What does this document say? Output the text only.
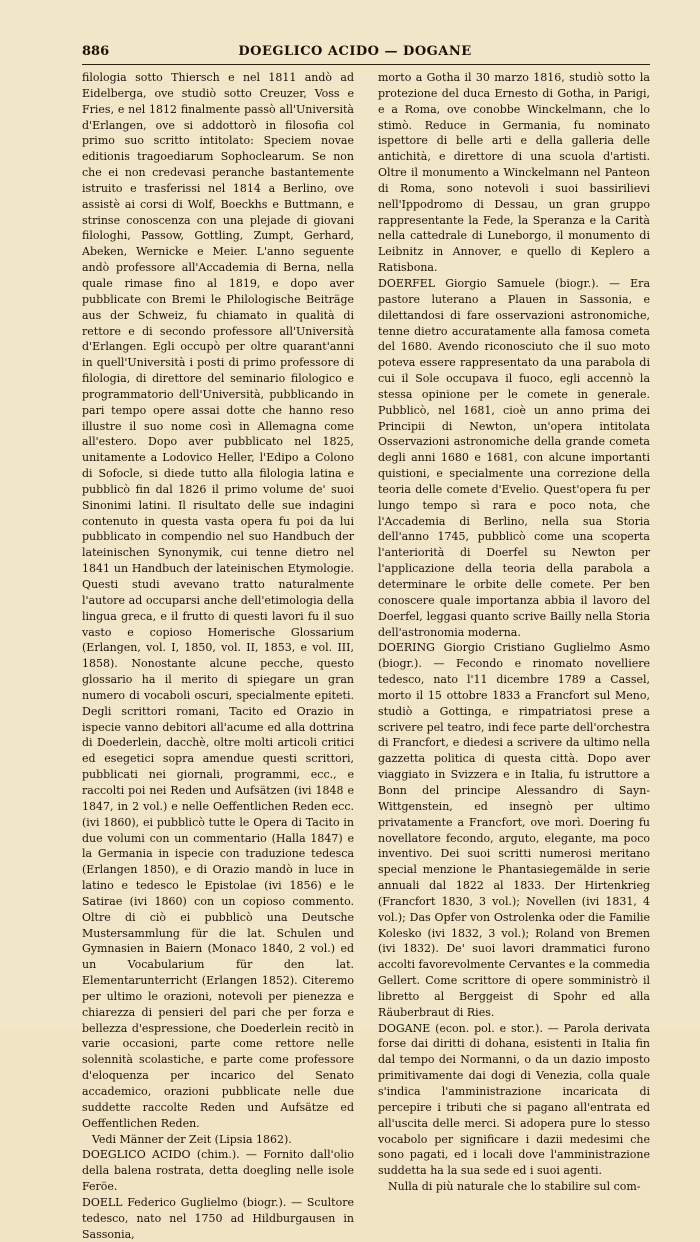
886	DOEGLICO ACIDO — DOGANE

filologia sotto Thiersch e nel 1811 andò ad Eidelberga, ove studiò sotto Creuzer, Voss e Fries, e nel 1812 finalmente passò all'Università d'Erlangen, ove si addottorò in filosofia col primo suo scritto intitolato: Speciem novae editionis tragoediarum Sophoclearum. Se non che ei non credevasi peranche bastantemente istruito e trasferissi nel 1814 a Berlino, ove assistè ai corsi di Wolf, Boeckhs e Buttmann, e strinse conoscenza con una plejade di giovani filologhi, Passow, Gottling, Zumpt, Gerhard, Abeken, Wernicke e Meier. L'anno seguente andò professore all'Accademia di Berna, nella quale rimase fino al 1819, e dopo aver pubblicate con Bremi le Philologische Beiträge aus der Schweiz, fu chiamato in qualità di rettore e di secondo professore all'Università d'Erlangen. Egli occupò per oltre quarant'anni in quell'Università i posti di primo professore di filologia, di direttore del seminario filologico e programmatorio dell'Università, pubblicando in pari tempo opere assai dotte che hanno reso illustre il suo nome così in Allemagna come all'estero. Dopo aver pubblicato nel 1825, unitamente a Lodovico Heller, l'Edipo a Colono di Sofocle, si diede tutto alla filologia latina e pubblicò fin dal 1826 il primo volume de' suoi Sinonimi latini. Il risultato delle sue indagini contenuto in questa vasta opera fu poi da lui pubblicato in compendio nel suo Handbuch der lateinischen Synonymik, cui tenne dietro nel 1841 un Handbuch der lateinischen Etymologie. Questi studi avevano tratto naturalmente l'autore ad occuparsi anche dell'etimologia della lingua greca, e il frutto di questi lavori fu il suo vasto e copioso Homerische Glossarium (Erlangen, vol. I, 1850, vol. II, 1853, e vol. III, 1858). Nonostante alcune pecche, questo glossario ha il merito di spiegare un gran numero di vocaboli oscuri, specialmente epiteti. Degli scrittori romani, Tacito ed Orazio in ispecie vanno debitori all'acume ed alla dottrina di Doederlein, dacchè, oltre molti articoli critici ed esegetici sopra amendue questi scrittori, pubblicati nei giornali, programmi, ecc., e raccolti poi nei Reden und Aufsätzen (ivi 1848 e 1847, in 2 vol.) e nelle Oeffentlichen Reden ecc. (ivi 1860), ei pubblicò tutte le Opera di Tacito in due volumi con un commentario (Halla 1847) e la Germania in ispecie con traduzione tedesca (Erlangen 1850), e di Orazio mandò in luce in latino e tedesco le Epistolae (ivi 1856) e le Satirae (ivi 1860) con un copioso commento. Oltre di ciò ei pubblicò una Deutsche Mustersammlung für die lat. Schulen und Gymnasien in Baiern (Monaco 1840, 2 vol.) ed un Vocabularium für den lat. Elementarunterricht (Erlangen 1852). Citeremo per ultimo le orazioni, notevoli per pienezza e chiarezza di pensieri del pari che per forza e bellezza d'espressione, che Doederlein recitò in varie occasioni, parte come rettore nelle solennità scolastiche, e parte come professore d'eloquenza per incarico del Senato accademico, orazioni pubblicate nelle due suddette raccolte Reden und Aufsätze ed Oeffentlichen Reden.

Vedi Männer der Zeit (Lipsia 1862).

DOEGLICO ACIDO (chim.). — Fornito dall'olio della balena rostrata, detta doegling nelle isole Feröe.

DOELL Federico Guglielmo (biogr.). — Scultore tedesco, nato nel 1750 ad Hildburgausen in Sassonia,

morto a Gotha il 30 marzo 1816, studiò sotto la protezione del duca Ernesto di Gotha, in Parigi, e a Roma, ove conobbe Winckelmann, che lo stimò. Reduce in Germania, fu nominato ispettore di belle arti e della galleria delle antichità, e direttore di una scuola d'artisti. Oltre il monumento a Winckelmann nel Panteon di Roma, sono notevoli i suoi bassirilievi nell'Ippodromo di Dessau, un gran gruppo rappresentante la Fede, la Speranza e la Carità nella cattedrale di Luneborgo, il monumento di Leibnitz in Annover, e quello di Keplero a Ratisbona.

DOERFEL Giorgio Samuele (biogr.). — Era pastore luterano a Plauen in Sassonia, e dilettandosi di fare osservazioni astronomiche, tenne dietro accuratamente alla famosa cometa del 1680. Avendo riconosciuto che il suo moto poteva essere rappresentato da una parabola di cui il Sole occupava il fuoco, egli accennò la stessa opinione per le comete in generale. Pubblicò, nel 1681, cioè un anno prima dei Principii di Newton, un'opera intitolata Osservazioni astronomiche della grande cometa degli anni 1680 e 1681, con alcune importanti quistioni, e specialmente una correzione della teoria delle comete d'Evelio. Quest'opera fu per lungo tempo sì rara e poco nota, che l'Accademia di Berlino, nella sua Storia dell'anno 1745, pubblicò come una scoperta l'anteriorità di Doerfel su Newton per l'applicazione della teoria della parabola a determinare le orbite delle comete. Per ben conoscere quale importanza abbia il lavoro del Doerfel, leggasi quanto scrive Bailly nella Storia dell'astronomia moderna.

DOERING Giorgio Cristiano Guglielmo Asmo (biogr.). — Fecondo e rinomato novelliere tedesco, nato l'11 dicembre 1789 a Cassel, morto il 15 ottobre 1833 a Francfort sul Meno, studiò a Gottinga, e rimpatriatosi prese a scrivere pel teatro, indi fece parte dell'orchestra di Francfort, e diedesi a scrivere da ultimo nella gazzetta politica di questa città. Dopo aver viaggiato in Svizzera e in Italia, fu istruttore a Bonn del principe Alessandro di Sayn-Wittgenstein, ed insegnò per ultimo privatamente a Francfort, ove morì. Doering fu novellatore fecondo, arguto, elegante, ma poco inventivo. Dei suoi scritti numerosi meritano special menzione le Phantasiegemälde in serie annuali dal 1822 al 1833. Der Hirtenkrieg (Francfort 1830, 3 vol.); Novellen (ivi 1831, 4 vol.); Das Opfer von Ostrolenka oder die Familie Kolesko (ivi 1832, 3 vol.); Roland von Bremen (ivi 1832). De' suoi lavori drammatici furono accolti favorevolmente Cervantes e la commedia Gellert. Come scrittore di opere somministrò il libretto al Berggeist di Spohr ed alla Räuberbraut di Ries.

DOGANE (econ. pol. e stor.). — Parola derivata forse dai diritti di dohana, esistenti in Italia fin dal tempo dei Normanni, o da un dazio imposto primitivamente dai dogi di Venezia, colla quale s'indica l'amministrazione incaricata di percepire i tributi che si pagano all'entrata ed all'uscita delle merci. Si adopera pure lo stesso vocabolo per significare i dazii medesimi che sono pagati, ed i locali dove l'amministrazione suddetta ha la sua sede ed i suoi agenti.

Nulla di più naturale che lo stabilire sul com-
